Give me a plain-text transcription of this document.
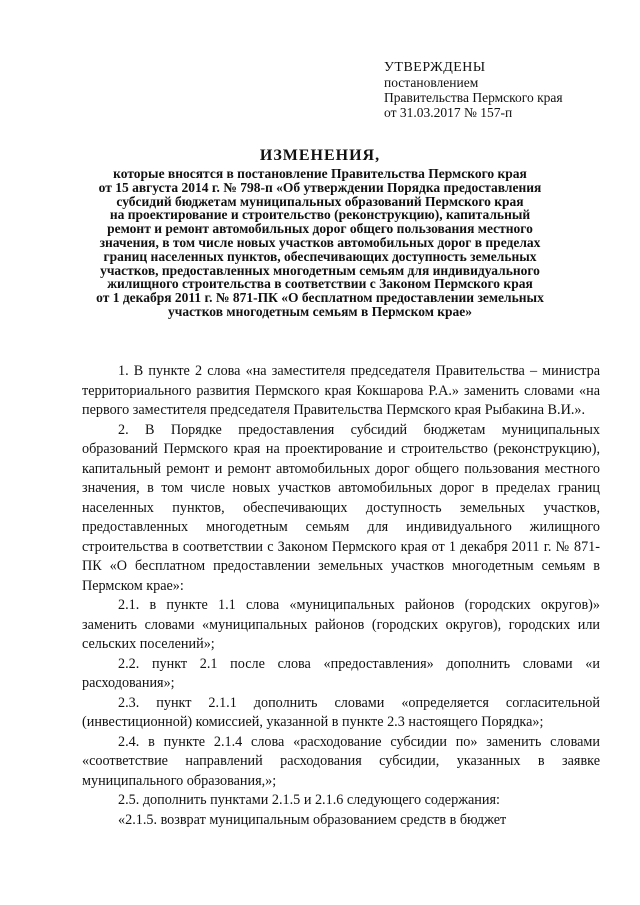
УТВЕРЖДЕНЫ
постановлением
Правительства Пермского края
от 31.03.2017 № 157-п
ИЗМЕНЕНИЯ,
которые вносятся в постановление Правительства Пермского края
от 15 августа 2014 г. № 798-п «Об утверждении Порядка предоставления
субсидий бюджетам муниципальных образований Пермского края
на проектирование и строительство (реконструкцию), капитальный
ремонт и ремонт автомобильных дорог общего пользования местного
значения, в том числе новых участков автомобильных дорог в пределах
границ населенных пунктов, обеспечивающих доступность земельных
участков, предоставленных многодетным семьям для индивидуального
жилищного строительства в соответствии с Законом Пермского края
от 1 декабря 2011 г. № 871-ПК «О бесплатном предоставлении земельных
участков многодетным семьям в Пермском крае»

1. В пункте 2 слова «на заместителя председателя Правительства – министра территориального развития Пермского края Кокшарова Р.А.» заменить словами «на первого заместителя председателя Правительства Пермского края Рыбакина В.И.».

2. В Порядке предоставления субсидий бюджетам муниципальных образований Пермского края на проектирование и строительство (реконструкцию), капитальный ремонт и ремонт автомобильных дорог общего пользования местного значения, в том числе новых участков автомобильных дорог в пределах границ населенных пунктов, обеспечивающих доступность земельных участков, предоставленных многодетным семьям для индивидуального жилищного строительства в соответствии с Законом Пермского края от 1 декабря 2011 г. № 871-ПК «О бесплатном предоставлении земельных участков многодетным семьям в Пермском крае»:

2.1. в пункте 1.1 слова «муниципальных районов (городских округов)» заменить словами «муниципальных районов (городских округов), городских или сельских поселений»;

2.2. пункт 2.1 после слова «предоставления» дополнить словами «и расходования»;

2.3. пункт 2.1.1 дополнить словами «определяется согласительной (инвестиционной) комиссией, указанной в пункте 2.3 настоящего Порядка»;

2.4. в пункте 2.1.4 слова «расходование субсидии по» заменить словами «соответствие направлений расходования субсидии, указанных в заявке муниципального образования,»;

2.5. дополнить пунктами 2.1.5 и 2.1.6 следующего содержания:

«2.1.5. возврат муниципальным образованием средств в бюджет
